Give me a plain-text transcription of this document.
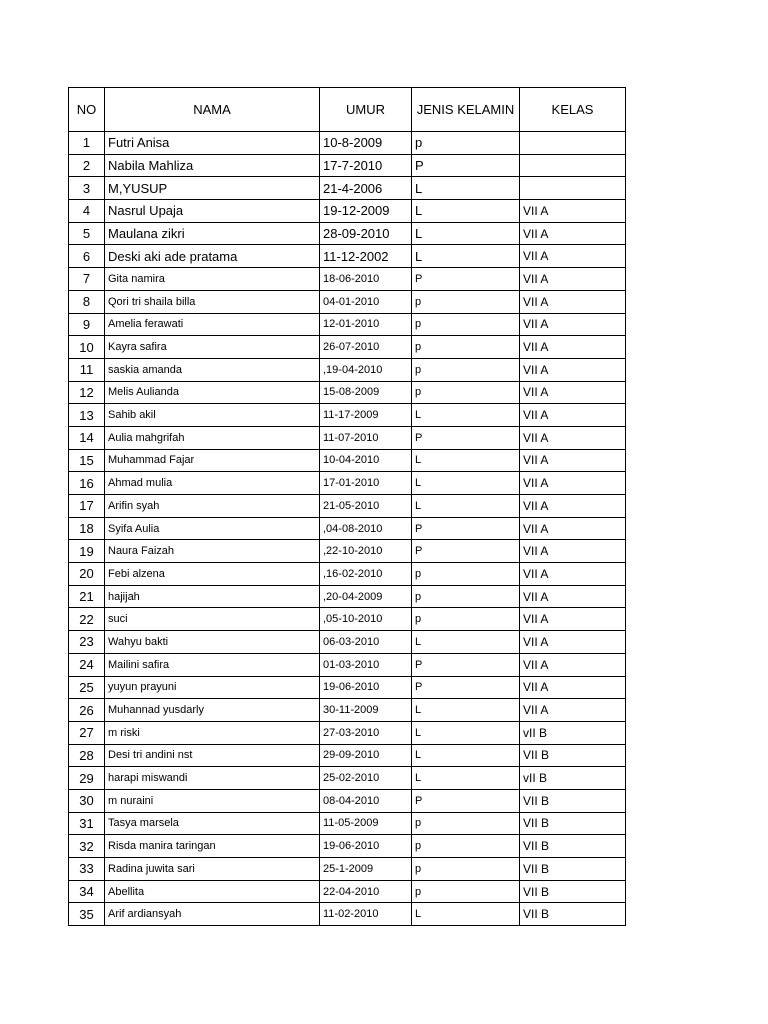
NO	NAMA	UMUR	JENIS KELAMIN	KELAS
1	Futri Anisa	10-8-2009	p	
2	Nabila Mahliza	17-7-2010	P	
3	M,YUSUP	21-4-2006	L	
4	Nasrul Upaja	19-12-2009	L	VII A
5	Maulana zikri	28-09-2010	L	VII A
6	Deski aki ade pratama	11-12-2002	L	VII A
7	Gita namira	18-06-2010	P	VII A
8	Qori tri shaila billa	04-01-2010	p	VII A
9	Amelia ferawati	12-01-2010	p	VII A
10	Kayra safira	26-07-2010	p	VII A
11	saskia amanda	,19-04-2010	p	VII A
12	Melis Aulianda	15-08-2009	p	VII A
13	Sahib akil	11-17-2009	L	VII A
14	Aulia mahgrifah	11-07-2010	P	VII A
15	Muhammad Fajar	10-04-2010	L	VII A
16	Ahmad mulia	17-01-2010	L	VII A
17	Arifin syah	21-05-2010	L	VII A
18	Syifa Aulia	,04-08-2010	P	VII A
19	Naura Faizah	,22-10-2010	P	VII A
20	Febi alzena	,16-02-2010	p	VII A
21	hajijah	,20-04-2009	p	VII A
22	suci	,05-10-2010	p	VII A
23	Wahyu bakti	06-03-2010	L	VII A
24	Mailini safira	01-03-2010	P	VII A
25	yuyun prayuni	19-06-2010	P	VII A
26	Muhannad yusdarly	30-11-2009	L	VII A
27	m riski	27-03-2010	L	vII B
28	Desi tri andini nst	29-09-2010	L	VII B
29	harapi miswandi	25-02-2010	L	vII B
30	m nuraini	08-04-2010	P	VII B
31	Tasya marsela	11-05-2009	p	VII B
32	Risda manira taringan	19-06-2010	p	VII B
33	Radina juwita sari	25-1-2009	p	VII B
34	Abellita	22-04-2010	p	VII B
35	Arif ardiansyah	11-02-2010	L	VII B
